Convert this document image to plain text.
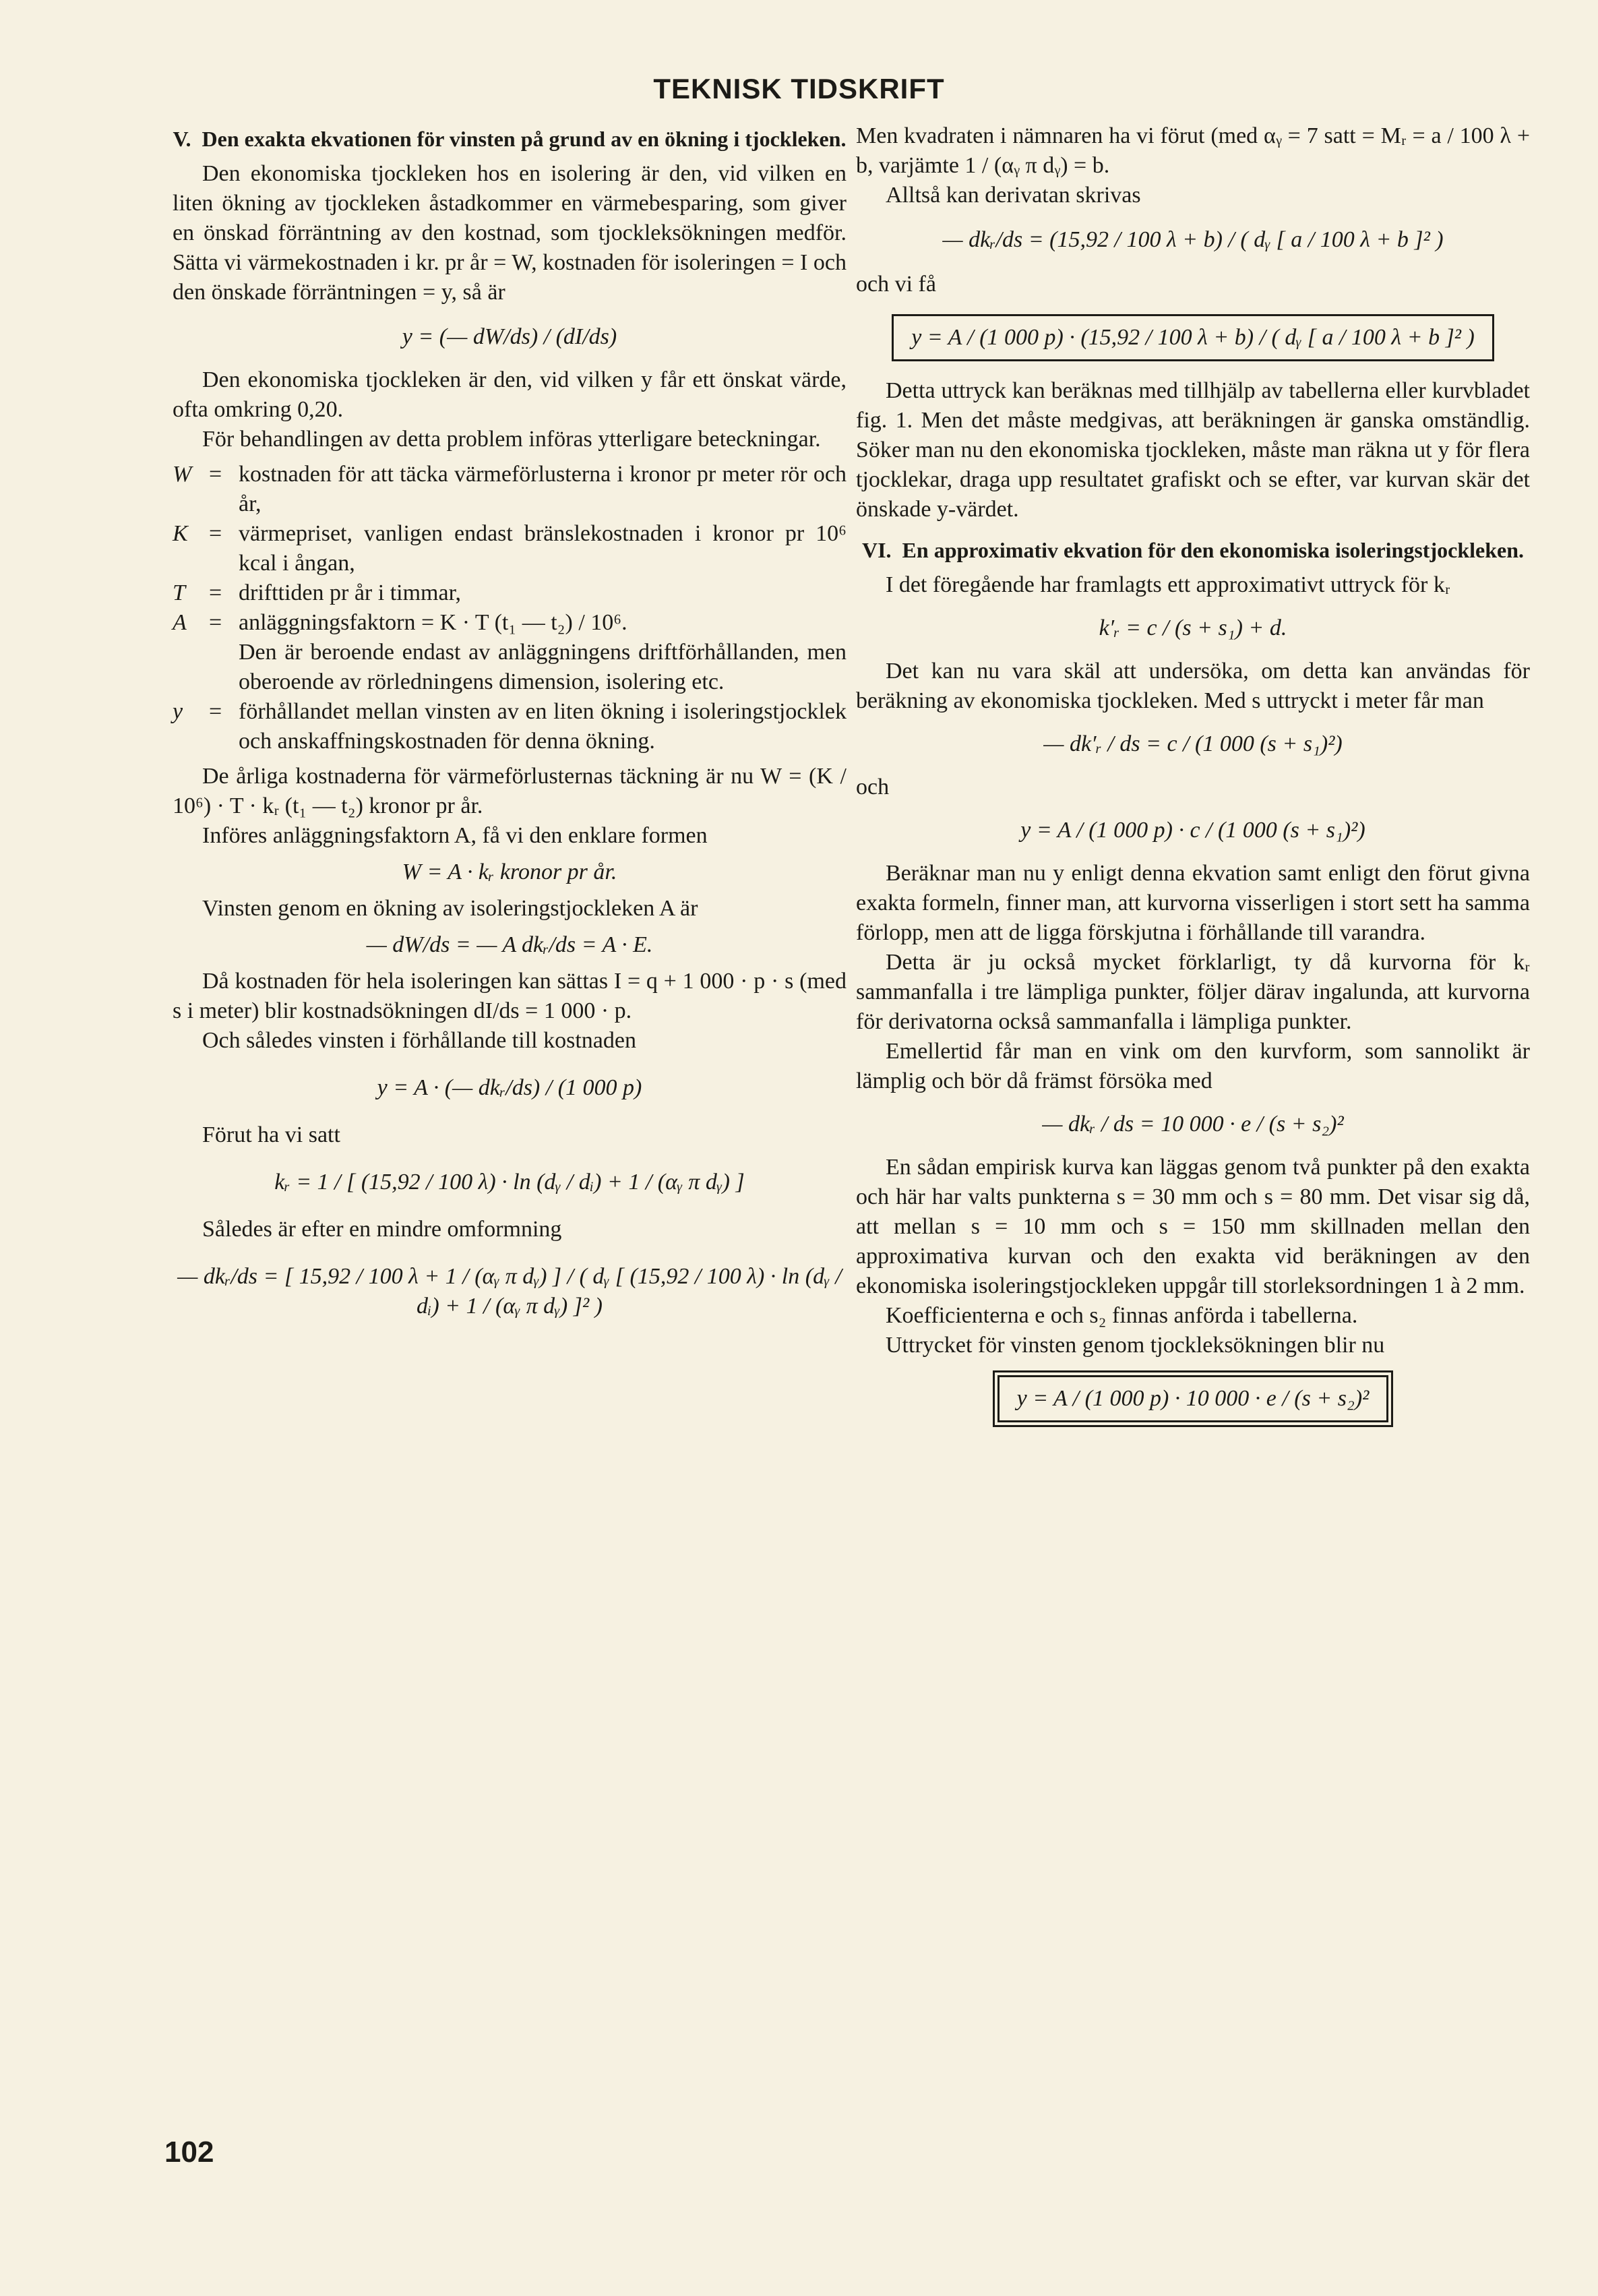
TEKNISK TIDSKRIFT
V. Den exakta ekvationen för vinsten på grund av en ökning i tjockleken.

Den ekonomiska tjockleken hos en isolering är den, vid vilken en liten ökning av tjockleken åstadkommer en värmebesparing, som giver en önskad förräntning av den kostnad, som tjockleksökningen medför. Sätta vi värmekostnaden i kr. pr år = W, kostnaden för isoleringen = I och den önskade förräntningen = y, så är

y = (— dW/ds) / (dI/ds)

Den ekonomiska tjockleken är den, vid vilken y får ett önskat värde, ofta omkring 0,20.

För behandlingen av detta problem införas ytterligare beteckningar.

W = kostnaden för att täcka värmeförlusterna i kronor pr meter rör och år,
K = värmepriset, vanligen endast bränslekostnaden i kronor pr 10⁶ kcal i ångan,
T	= drifttiden pr år i timmar,
A = anläggningsfaktorn = K · T (t₁ — t₂) / 10⁶.
Den är beroende endast av anläggningens driftförhållanden, men oberoende av rörledningens dimension, isolering etc.
y	= förhållandet mellan vinsten av en liten ökning i isoleringstjocklek och anskaffningskostnaden för denna ökning.

De årliga kostnaderna för värmeförlusternas täckning är nu W = (K / 10⁶) · T · kᵣ (t₁ — t₂) kronor pr år.

Införes anläggningsfaktorn A, få vi den enklare formen

W = A · kᵣ kronor pr år.

Vinsten genom en ökning av isoleringstjockleken A är

— dW/ds = — A dkᵣ/ds = A · E.

Då kostnaden för hela isoleringen kan sättas I = q + 1 000 · p · s (med s i meter) blir kostnadsökningen dI/ds = 1 000 · p.

Och således vinsten i förhållande till kostnaden

y = A · (— dkᵣ/ds) / (1 000 p)

Förut ha vi satt

kᵣ = 1 / [ (15,92 / 100 λ) · ln (dᵧ / dᵢ) + 1 / (αᵧ π dᵧ) ]

Således är efter en mindre omformning

— dkᵣ/ds = [ 15,92 / 100 λ + 1 / (αᵧ π dᵧ) ] / ( dᵧ [ (15,92 / 100 λ) · ln (dᵧ / dᵢ) + 1 / (αᵧ π dᵧ) ]² )

Men kvadraten i nämnaren ha vi förut (med αᵧ = 7 satt = Mᵣ = a / 100 λ + b, varjämte 1 / (αᵧ π dᵧ) = b.

Alltså kan derivatan skrivas

— dkᵣ/ds = (15,92 / 100 λ + b) / ( dᵧ [ a / 100 λ + b ]² )

och vi få

y = A / (1 000 p) · (15,92 / 100 λ + b) / ( dᵧ [ a / 100 λ + b ]² )

Detta uttryck kan beräknas med tillhjälp av tabellerna eller kurvbladet fig. 1. Men det måste medgivas, att beräkningen är ganska omständlig. Söker man nu den ekonomiska tjockleken, måste man räkna ut y för flera tjocklekar, draga upp resultatet grafiskt och se efter, var kurvan skär det önskade y-värdet.

VI. En approximativ ekvation för den ekonomiska isoleringstjockleken.

I det föregående har framlagts ett approximativt uttryck för kᵣ

k′ᵣ = c / (s + s₁) + d.

Det kan nu vara skäl att undersöka, om detta kan användas för beräkning av ekonomiska tjockleken. Med s uttryckt i meter får man

— dk′ᵣ / ds = c / (1 000 (s + s₁)²)

och

y = A / (1 000 p) · c / (1 000 (s + s₁)²)

Beräknar man nu y enligt denna ekvation samt enligt den förut givna exakta formeln, finner man, att kurvorna visserligen i stort sett ha samma förlopp, men att de ligga förskjutna i förhållande till varandra.

Detta är ju också mycket förklarligt, ty då kurvorna för kᵣ sammanfalla i tre lämpliga punkter, följer därav ingalunda, att kurvorna för derivatorna också sammanfalla i lämpliga punkter.

Emellertid får man en vink om den kurvform, som sannolikt är lämplig och bör då främst försöka med

— dkᵣ / ds = 10 000 · e / (s + s₂)²

En sådan empirisk kurva kan läggas genom två punkter på den exakta och här har valts punkterna s = 30 mm och s = 80 mm. Det visar sig då, att mellan s = 10 mm och s = 150 mm skillnaden mellan den approximativa kurvan och den exakta vid beräkningen av den ekonomiska isoleringstjockleken uppgår till storleksordningen 1 à 2 mm.

Koefficienterna e och s₂ finnas anförda i tabellerna.

Uttrycket för vinsten genom tjockleksökningen blir nu

y = A / (1 000 p) · 10 000 · e / (s + s₂)²
102
